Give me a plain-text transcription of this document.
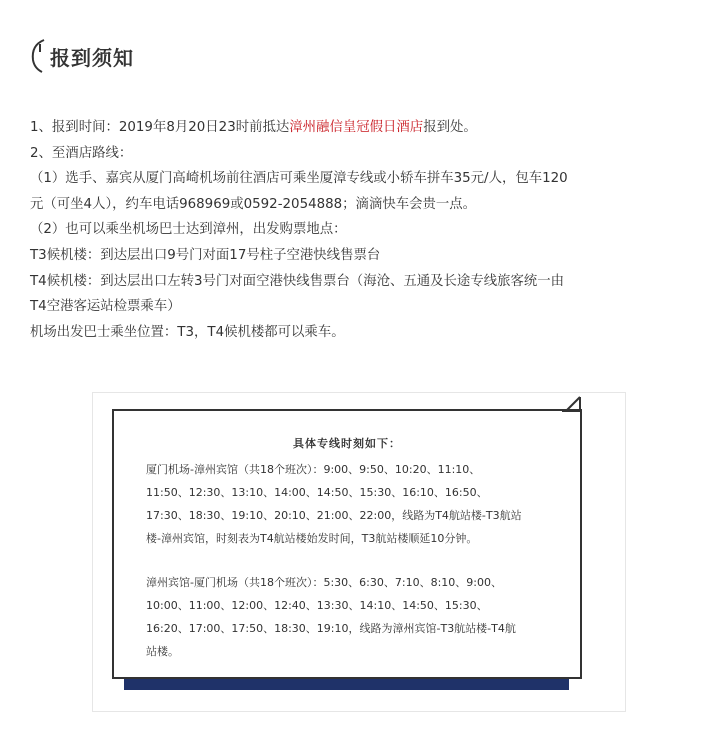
报到须知
1、报到时间：2019年8月20日23时前抵达漳州融信皇冠假日酒店报到处。
2、至酒店路线：
（1）选手、嘉宾从厦门高崎机场前往酒店可乘坐厦漳专线或小轿车拼车35元/人，包车120
元（可坐4人），约车电话968969或0592-2054888；滴滴快车会贵一点。
（2）也可以乘坐机场巴士达到漳州，出发购票地点：
T3候机楼：到达层出口9号门对面17号柱子空港快线售票台
T4候机楼：到达层出口左转3号门对面空港快线售票台（海沧、五通及长途专线旅客统一由
T4空港客运站检票乘车）
机场出发巴士乘坐位置：T3，T4候机楼都可以乘车。
具体专线时刻如下：
厦门机场-漳州宾馆（共18个班次）：9:00、9:50、10:20、11:10、
11:50、12:30、13:10、14:00、14:50、15:30、16:10、16:50、
17:30、18:30、19:10、20:10、21:00、22:00，线路为T4航站楼-T3航站
楼-漳州宾馆，时刻表为T4航站楼始发时间，T3航站楼顺延10分钟。
漳州宾馆-厦门机场（共18个班次）：5:30、6:30、7:10、8:10、9:00、
10:00、11:00、12:00、12:40、13:30、14:10、14:50、15:30、
16:20、17:00、17:50、18:30、19:10，线路为漳州宾馆-T3航站楼-T4航
站楼。
